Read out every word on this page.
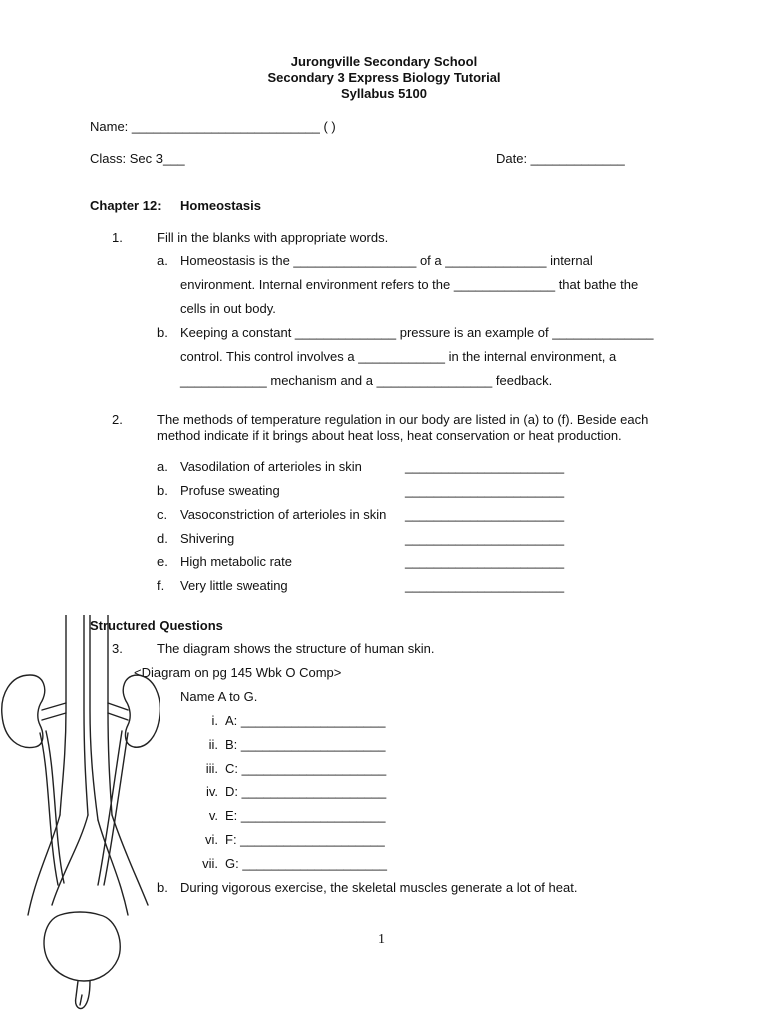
Jurongville Secondary School
Secondary 3 Express Biology Tutorial
Syllabus 5100
Name: __________________________ ( )
Class: Sec 3___	Date: _____________
Chapter 12: Homeostasis
1.	Fill in the blanks with appropriate words.
a. Homeostasis is the _________________ of a ______________ internal
environment. Internal environment refers to the ______________ that bathe the
cells in out body.
b. Keeping a constant ______________ pressure is an example of ______________
control. This control involves a ____________ in the internal environment, a
____________ mechanism and a ________________ feedback.
2.	The methods of temperature regulation in our body are listed in (a) to (f). Beside each
method indicate if it brings about heat loss, heat conservation or heat production.
a. Vasodilation of arterioles in skin	______________________
b. Profuse sweating	______________________
c. Vasoconstriction of arterioles in skin ______________________
d. Shivering	______________________
e. High metabolic rate	______________________
f. Very little sweating	______________________
Structured Questions
3.	The diagram shows the structure of human skin.
<Diagram on pg 145 Wbk O Comp>
Name A to G.
i. A: ____________________
ii. B: ____________________
iii. C: ____________________
iv. D: ____________________
v. E: ____________________
vi. F: ____________________
vii. G: ____________________
b. During vigorous exercise, the skeletal muscles generate a lot of heat.
1
